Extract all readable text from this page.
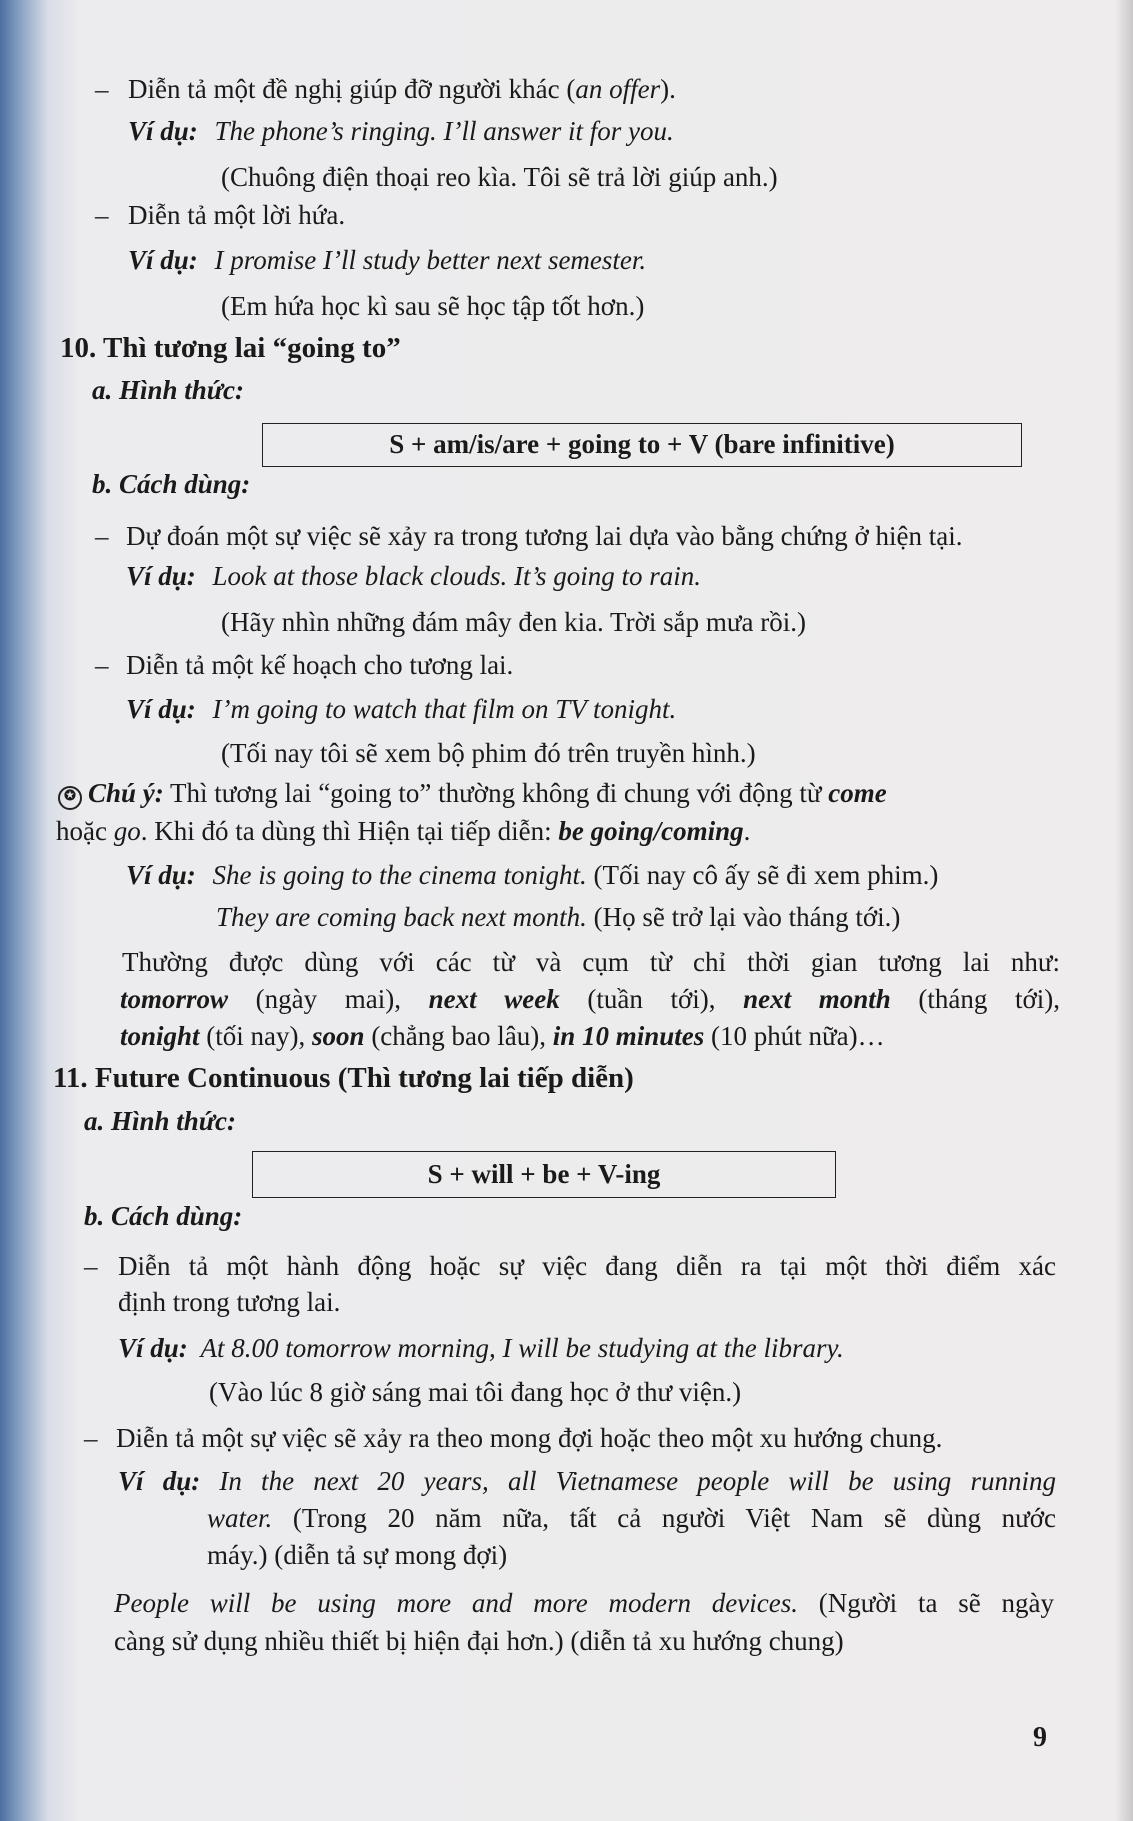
– Diễn tả một đề nghị giúp đỡ người khác (an offer).
Ví dụ: The phone’s ringing. I’ll answer it for you.
(Chuông điện thoại reo kìa. Tôi sẽ trả lời giúp anh.)
– Diễn tả một lời hứa.
Ví dụ: I promise I’ll study better next semester.
(Em hứa học kì sau sẽ học tập tốt hơn.)
10. Thì tương lai “going to”
a. Hình thức:
S + am/is/are + going to + V (bare infinitive)
b. Cách dùng:
– Dự đoán một sự việc sẽ xảy ra trong tương lai dựa vào bằng chứng ở hiện tại.
Ví dụ: Look at those black clouds. It’s going to rain.
(Hãy nhìn những đám mây đen kia. Trời sắp mưa rồi.)
– Diễn tả một kế hoạch cho tương lai.
Ví dụ: I’m going to watch that film on TV tonight.
(Tối nay tôi sẽ xem bộ phim đó trên truyền hình.)
✪ Chú ý: Thì tương lai “going to” thường không đi chung với động từ come
hoặc go. Khi đó ta dùng thì Hiện tại tiếp diễn: be going/coming.
Ví dụ: She is going to the cinema tonight. (Tối nay cô ấy sẽ đi xem phim.)
They are coming back next month. (Họ sẽ trở lại vào tháng tới.)
Thường được dùng với các từ và cụm từ chỉ thời gian tương lai như:
tomorrow (ngày mai), next week (tuần tới), next month (tháng tới),
tonight (tối nay), soon (chẳng bao lâu), in 10 minutes (10 phút nữa)…
11. Future Continuous (Thì tương lai tiếp diễn)
a. Hình thức:
S + will + be + V-ing
b. Cách dùng:
– Diễn tả một hành động hoặc sự việc đang diễn ra tại một thời điểm xác
định trong tương lai.
Ví dụ: At 8.00 tomorrow morning, I will be studying at the library.
(Vào lúc 8 giờ sáng mai tôi đang học ở thư viện.)
– Diễn tả một sự việc sẽ xảy ra theo mong đợi hoặc theo một xu hướng chung.
Ví dụ: In the next 20 years, all Vietnamese people will be using running
water. (Trong 20 năm nữa, tất cả người Việt Nam sẽ dùng nước
máy.) (diễn tả sự mong đợi)
People will be using more and more modern devices. (Người ta sẽ ngày
càng sử dụng nhiều thiết bị hiện đại hơn.) (diễn tả xu hướng chung)
9
